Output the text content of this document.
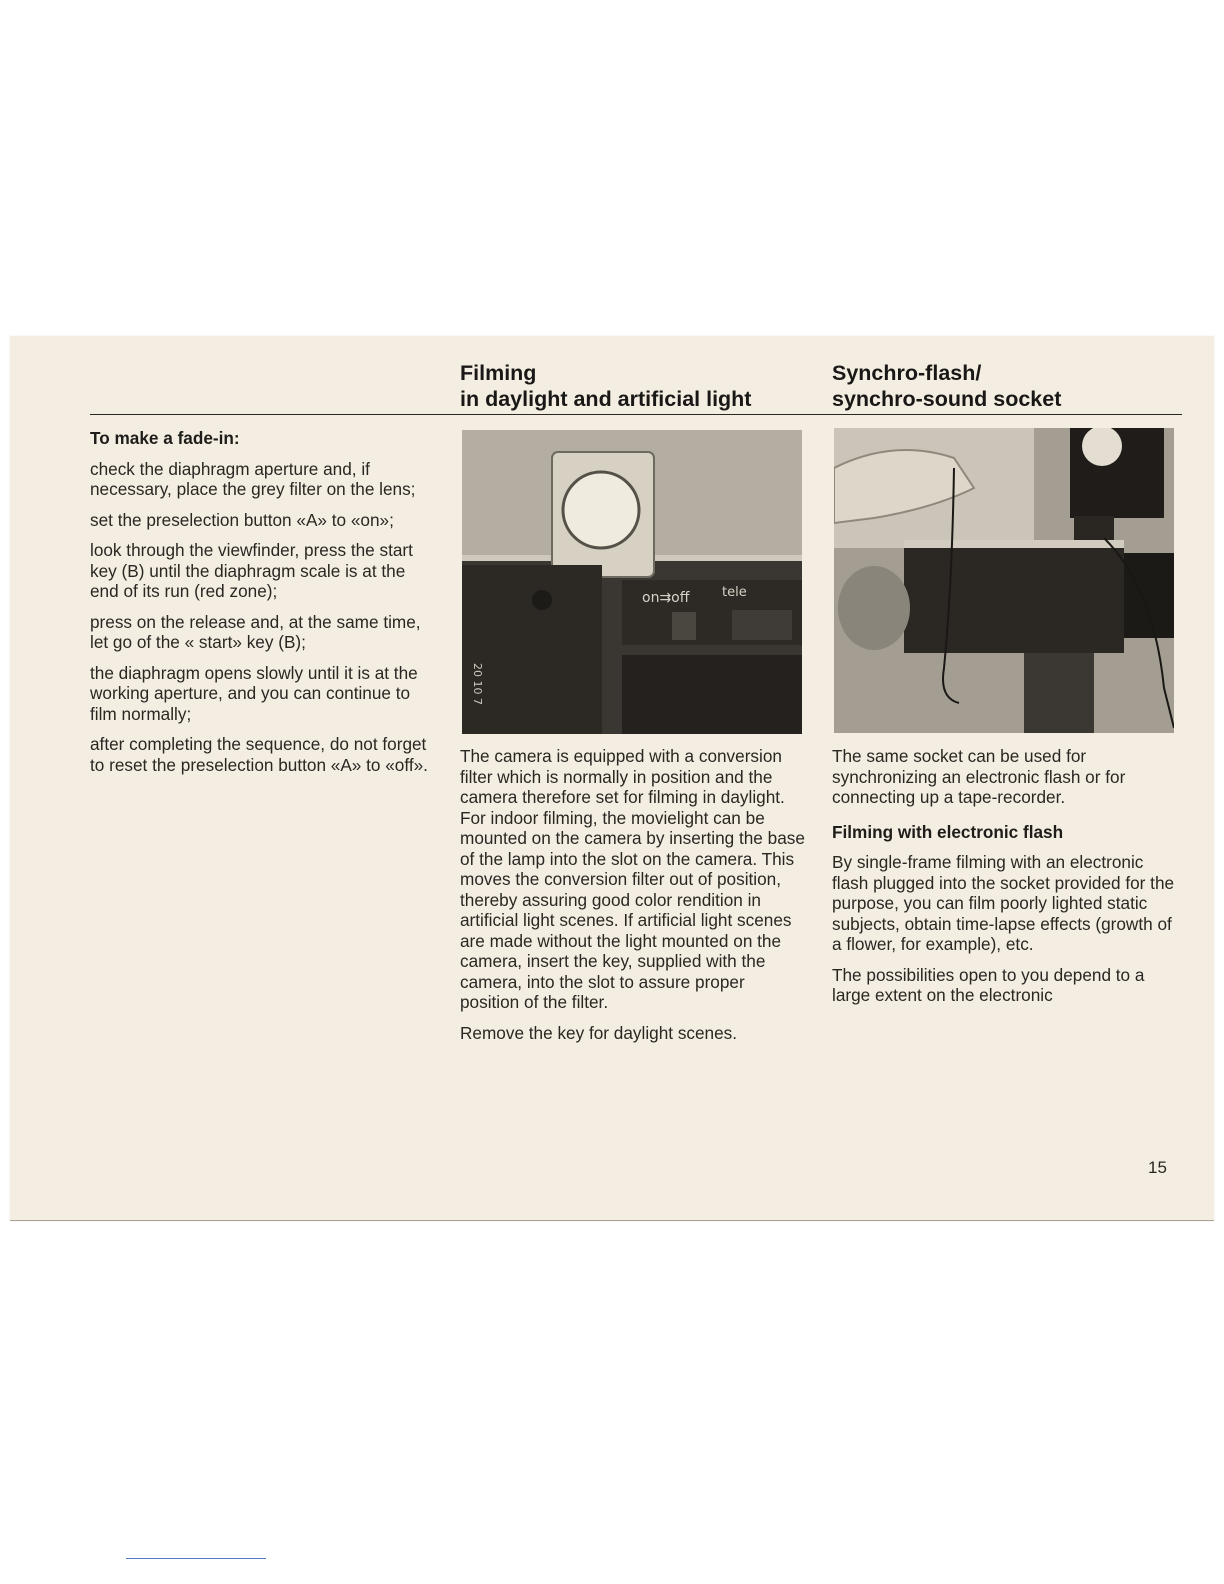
Filming
in daylight and artificial light
Synchro-flash/
synchro-sound socket

To make a fade-in:

check the diaphragm aperture and, if necessary, place the grey filter on the lens;

set the preselection button «A» to «on»;

look through the viewfinder, press the start key (B) until the diaphragm scale is at the end of its run (red zone);

press on the release and, at the same time, let go of the « start» key (B);

the diaphragm opens slowly until it is at the working aperture, and you can continue to film normally;

after completing the sequence, do not forget to reset the preselection button «A» to «off».

on⇉off	tele
20 10 7

The camera is equipped with a conversion filter which is normally in position and the camera therefore set for filming in daylight. For indoor filming, the movielight can be mounted on the camera by inserting the base of the lamp into the slot on the camera. This moves the conversion filter out of position, thereby assuring good color rendition in artificial light scenes. If artificial light scenes are made without the light mounted on the camera, insert the key, supplied with the camera, into the slot to assure proper position of the filter.

Remove the key for daylight scenes.

The same socket can be used for synchronizing an electronic flash or for connecting up a tape-recorder.

Filming with electronic flash

By single-frame filming with an electronic flash plugged into the socket provided for the purpose, you can film poorly lighted static subjects, obtain time-lapse effects (growth of a flower, for example), etc.

The possibilities open to you depend to a large extent on the electronic

15
